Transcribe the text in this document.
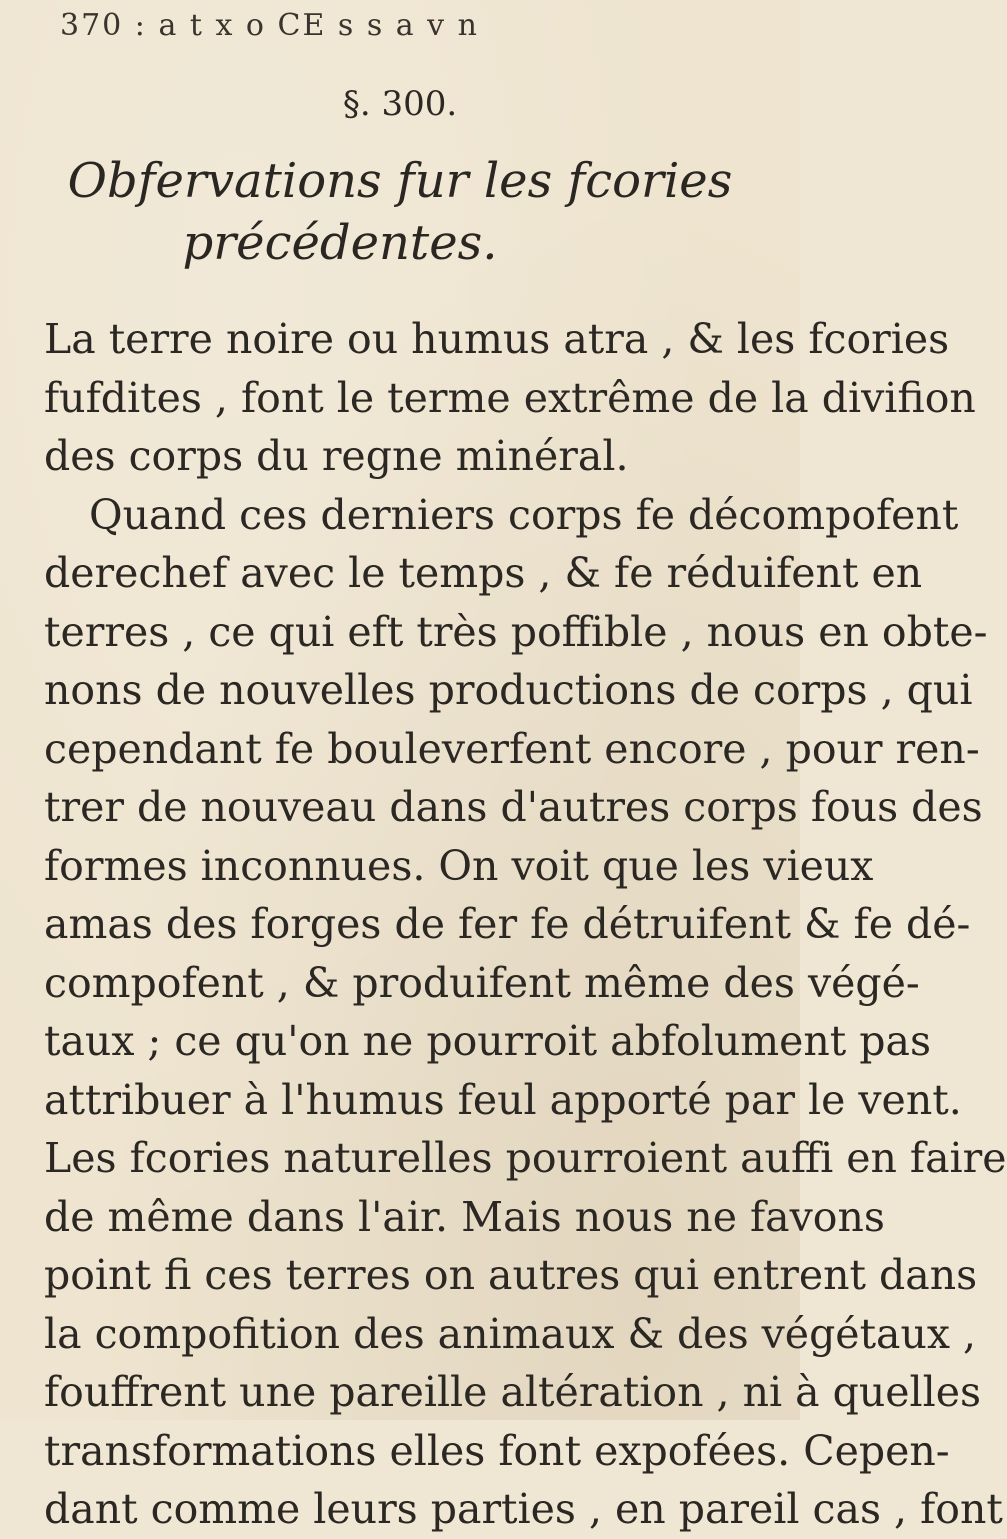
370 : a t x o CE s s a v n
§. 300.
Obfervations fur les fcories
précédentes.
La terre noire ou humus atra , & les fcories
fufdites , font le terme extrême de la divifion
des corps du regne minéral.
Quand ces derniers corps fe décompofent
derechef avec le temps , & fe réduifent en
terres , ce qui eft très poffible , nous en obte-
nons de nouvelles productions de corps , qui
cependant fe bouleverfent encore , pour ren-
trer de nouveau dans d'autres corps fous des
formes inconnues. On voit que les vieux
amas des forges de fer fe détruifent & fe dé-
compofent , & produifent même des végé-
taux ; ce qu'on ne pourroit abfolument pas
attribuer à l'humus feul apporté par le vent.
Les fcories naturelles pourroient auffi en faire
de même dans l'air. Mais nous ne favons
point fi ces terres on autres qui entrent dans
la compofition des animaux & des végétaux ,
fouffrent une pareille altération , ni à quelles
transformations elles font expofées. Cepen-
dant comme leurs parties , en pareil cas , font
